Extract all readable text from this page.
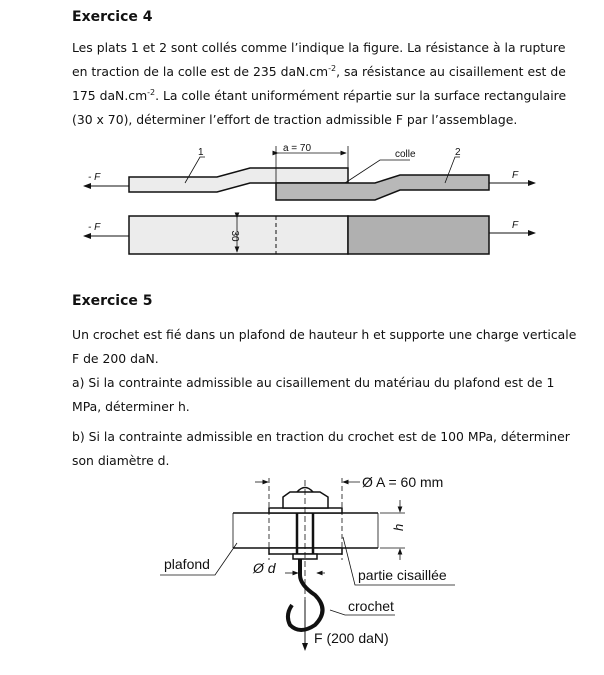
Exercice 4
Les plats 1 et 2 sont collés comme l’indique la figure. La résistance à la rupture
en traction de la colle est de 235 $daN.cm^{-2}$, sa résistance au cisaillement est de
175 $daN.cm^{-2}$. La colle étant uniformément répartie sur la surface rectangulaire
(30 x 70), déterminer l’effort de traction admissible F par l’assemblage.
Exercice 5
Un crochet est fié dans un plafond de hauteur h et supporte une charge verticale
F de 200 daN.
a) Si la contrainte admissible au cisaillement du matériau du plafond est de 1
MPa, déterminer h.
b) Si la contrainte admissible en traction du crochet est de 100 MPa, déterminer
son diamètre d.
a = 70
1	colle	2
- F	F
- F	F
30
Ø A = 60 mm
h
plafond	Ø d	partie cisaillée
crochet
F (200 daN)
